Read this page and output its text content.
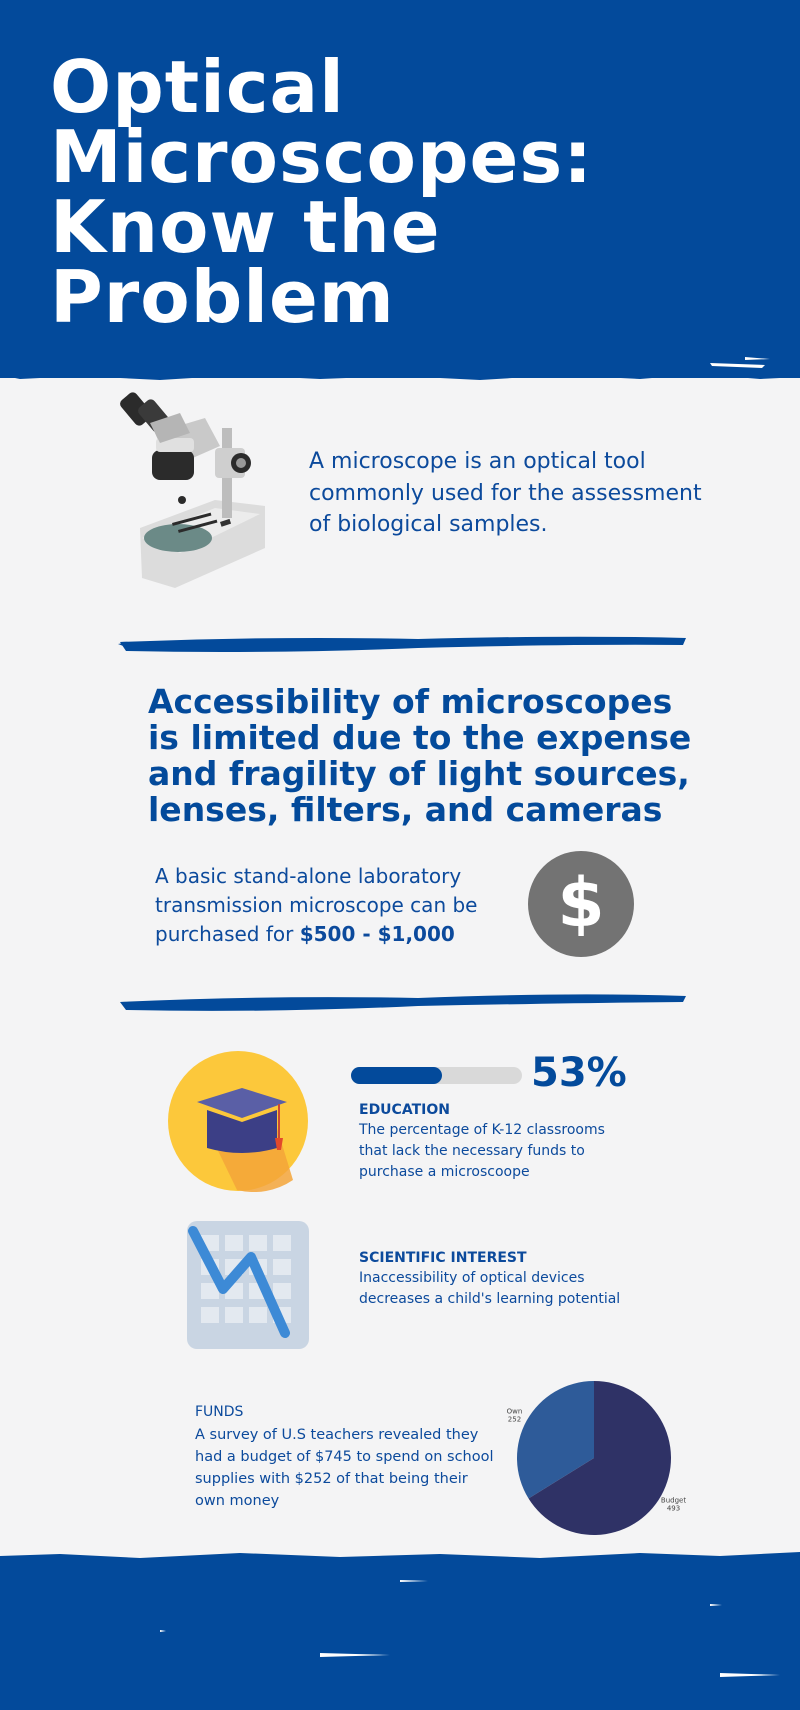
Optical
Microscopes:
Know the Problem

A microscope is an optical tool commonly used for the assessment of biological samples.

Accessibility of microscopes is limited due to the expense and fragility of light sources, lenses, filters, and cameras

A basic stand-alone laboratory transmission microscope can be purchased for $500 - $1,000	$
53%
EDUCATION

The percentage of K-12 classrooms that lack the necessary funds to purchase a microscoope

SCIENTIFIC INTEREST

Inaccessibility of optical devices decreases a child's learning potential

FUNDS

A survey of U.S teachers revealed they had a budget of $745 to spend on school supplies with $252 of that being their own money

Own
252
Budget
493
